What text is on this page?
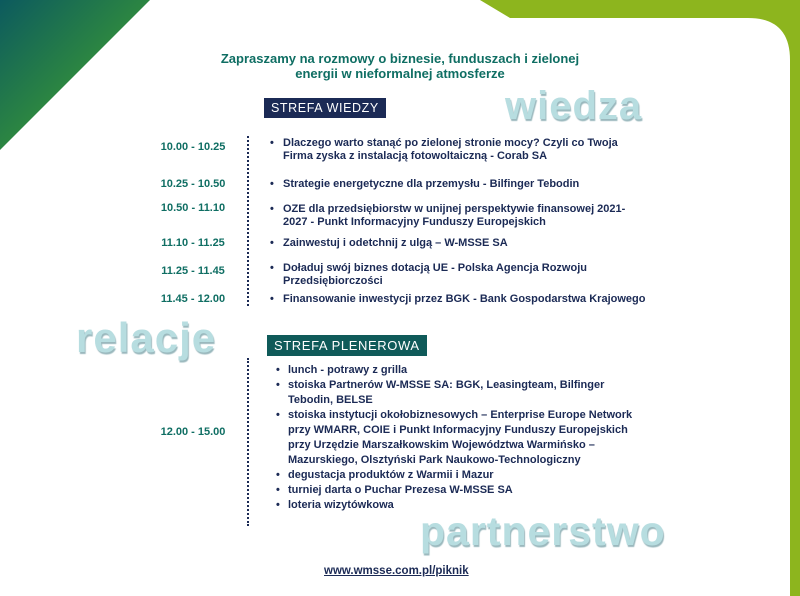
Zapraszamy na rozmowy o biznesie, funduszach i zielonej
energii w nieformalnej atmosferze
wiedza
relacje
partnerstwo
STREFA WIEDZY
10.00 - 10.25
10.25 - 10.50
10.50 - 11.10
11.10 - 11.25
11.25 - 11.45
11.45 - 12.00
• Dlaczego warto stanąć po zielonej stronie mocy? Czyli co Twoja
Firma zyska z instalacją fotowoltaiczną - Corab SA
• Strategie energetyczne dla przemysłu - Bilfinger Tebodin
• OZE dla przedsiębiorstw w unijnej perspektywie finansowej 2021-
2027 - Punkt Informacyjny Funduszy Europejskich
• Zainwestuj i odetchnij z ulgą – W-MSSE SA
• Doładuj swój biznes dotacją UE - Polska Agencja Rozwoju
Przedsiębiorczości
• Finansowanie inwestycji przez BGK - Bank Gospodarstwa Krajowego
STREFA PLENEROWA
12.00 - 15.00
• lunch - potrawy z grilla
• stoiska Partnerów W-MSSE SA: BGK, Leasingteam, Bilfinger
Tebodin, BELSE
• stoiska instytucji okołobiznesowych – Enterprise Europe Network
przy WMARR, COIE i Punkt Informacyjny Funduszy Europejskich
przy Urzędzie Marszałkowskim Województwa Warmińsko –
Mazurskiego, Olsztyński Park Naukowo-Technologiczny
• degustacja produktów z Warmii i Mazur
• turniej darta o Puchar Prezesa W-MSSE SA
• loteria wizytówkowa
www.wmsse.com.pl/piknik
